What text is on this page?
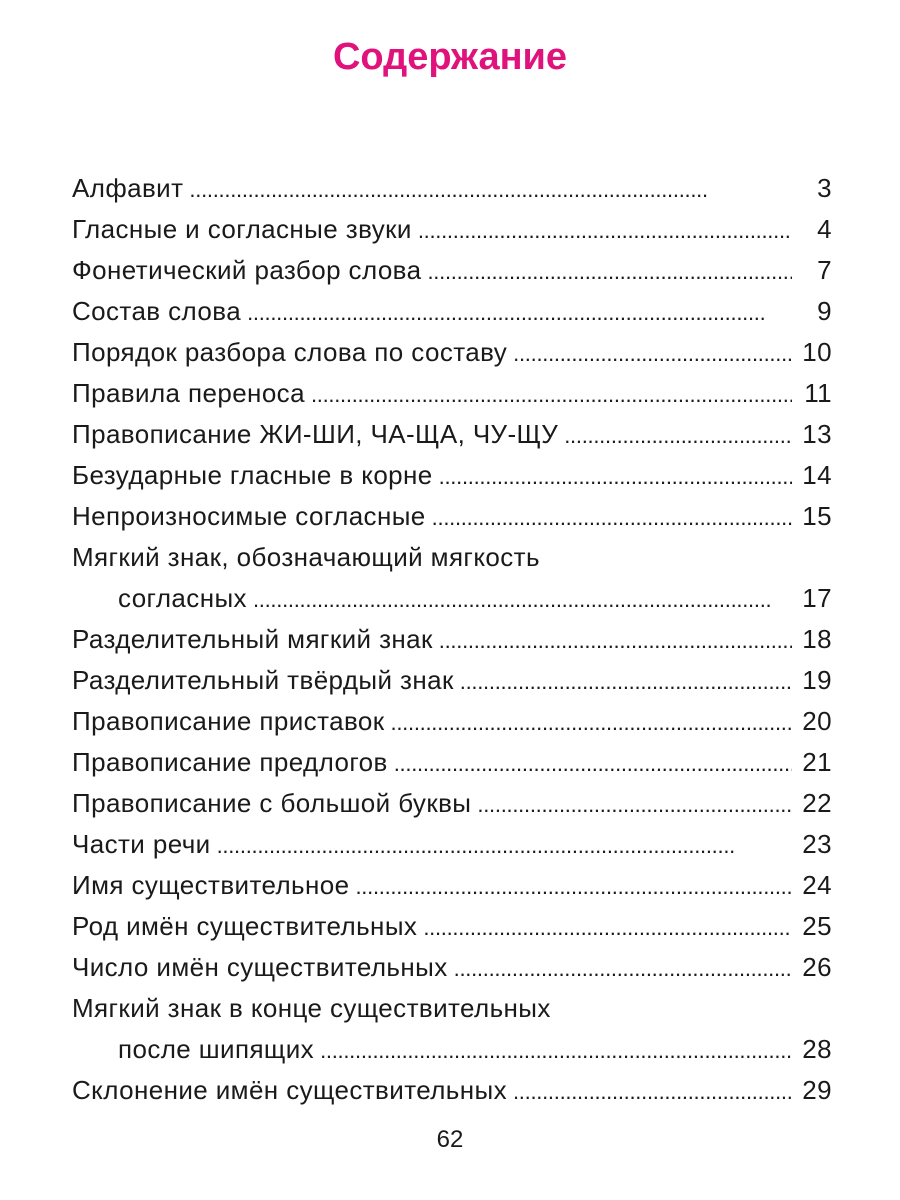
Содержание
Алфавит . . .	3
Гласные и согласные звуки . . .	4
Фонетический разбор слова . . .	7
Состав слова . . .	9
Порядок разбора слова по составу . . .	10
Правила переноса . . .	11
Правописание ЖИ-ШИ, ЧА-ЩА, ЧУ-ЩУ . . .	13
Безударные гласные в корне . . .	14
Непроизносимые согласные . . .	15
Мягкий знак, обозначающий мягкость
согласных . . .	17
Разделительный мягкий знак . . .	18
Разделительный твёрдый знак . . .	19
Правописание приставок . . .	20
Правописание предлогов . . .	21
Правописание с большой буквы . . .	22
Части речи . . .	23
Имя существительное . . .	24
Род имён существительных . . .	25
Число имён существительных . . .	26
Мягкий знак в конце существительных
после шипящих . . .	28
Склонение имён существительных . . .	29
62
